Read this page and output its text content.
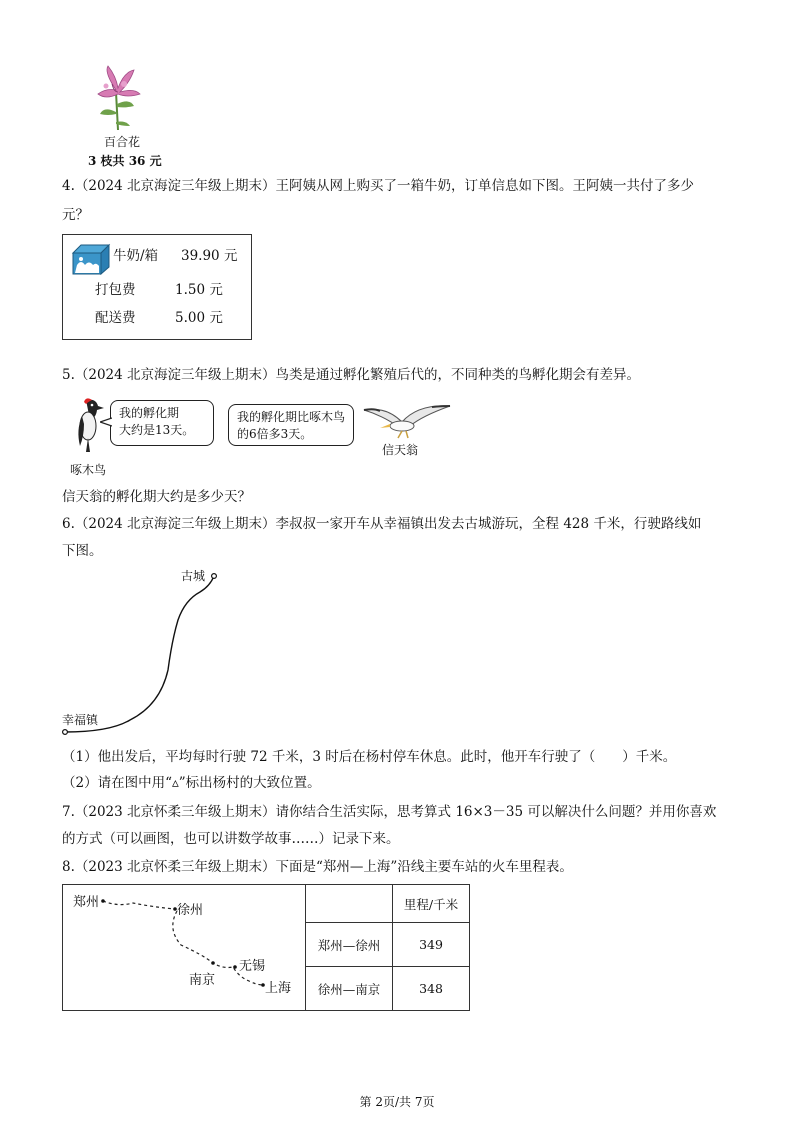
百合花
3 枝共 36 元
4.（2024 北京海淀三年级上期末）王阿姨从网上购买了一箱牛奶，订单信息如下图。王阿姨一共付了多少
元？
牛奶/箱 39.90 元
打包费	1.50 元
配送费	5.00 元
5.（2024 北京海淀三年级上期末）鸟类是通过孵化繁殖后代的，不同种类的鸟孵化期会有差异。
我的孵化期
大约是13天。
啄木鸟
我的孵化期比啄木鸟
的6倍多3天。
信天翁
信天翁的孵化期大约是多少天？
6.（2024 北京海淀三年级上期末）李叔叔一家开车从幸福镇出发去古城游玩，全程 428 千米，行驶路线如
下图。
古城
幸福镇
（1）他出发后，平均每时行驶 72 千米，3 时后在杨村停车休息。此时，他开车行驶了（　　）千米。
（2）请在图中用“▵”标出杨村的大致位置。
7.（2023 北京怀柔三年级上期末）请你结合生活实际，思考算式 16×3－35 可以解决什么问题？并用你喜欢
的方式（可以画图，也可以讲数学故事……）记录下来。
8.（2023 北京怀柔三年级上期末）下面是“郑州—上海”沿线主要车站的火车里程表。
郑州
徐州
南京
无锡
上海
	里程/千米
郑州—徐州	349
徐州—南京	348
第 2页/共 7页
